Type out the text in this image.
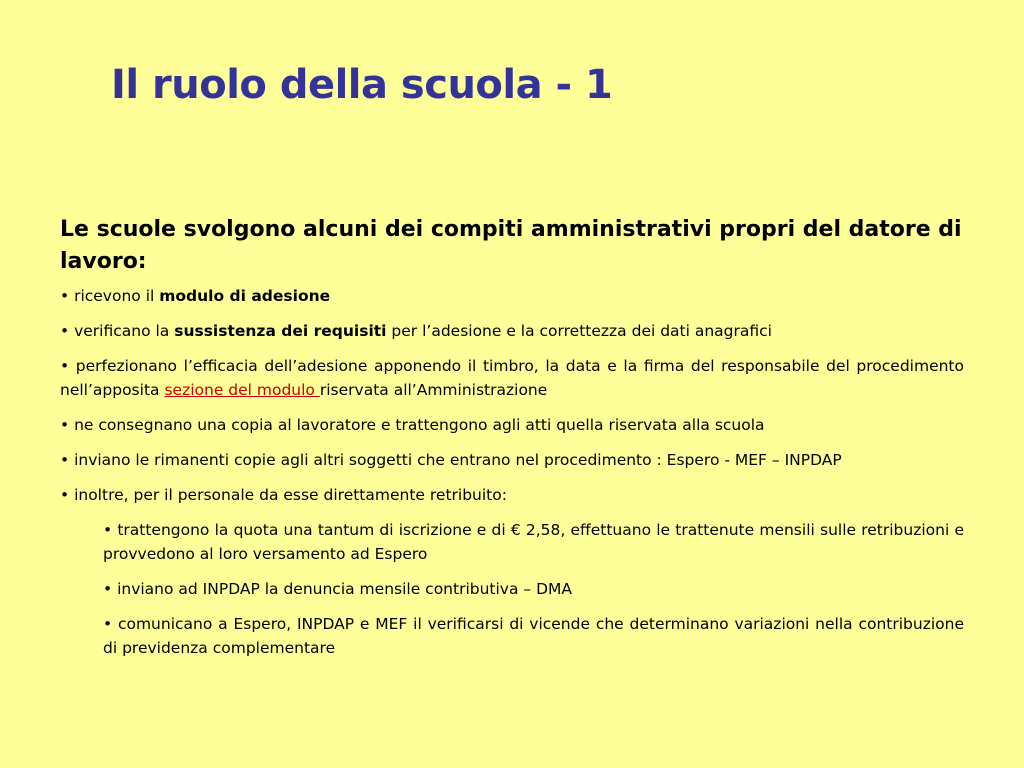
Il ruolo della scuola - 1

Le scuole svolgono alcuni dei compiti amministrativi propri del datore di lavoro:

• ricevono il modulo di adesione

• verificano la sussistenza dei requisiti per l’adesione e la correttezza dei dati anagrafici

• perfezionano l’efficacia dell’adesione apponendo il timbro, la data e la firma del responsabile del procedimento nell’apposita sezione del modulo riservata all’Amministrazione

• ne consegnano una copia al lavoratore e trattengono agli atti quella riservata alla scuola

• inviano le rimanenti copie agli altri soggetti che entrano nel procedimento : Espero - MEF – INPDAP

• inoltre, per il personale da esse direttamente retribuito:

• trattengono la quota una tantum di iscrizione e di € 2,58, effettuano le trattenute mensili sulle retribuzioni e provvedono al loro versamento ad Espero

• inviano ad INPDAP la denuncia mensile contributiva – DMA

• comunicano a Espero, INPDAP e MEF il verificarsi di vicende che determinano variazioni nella contribuzione di previdenza complementare
